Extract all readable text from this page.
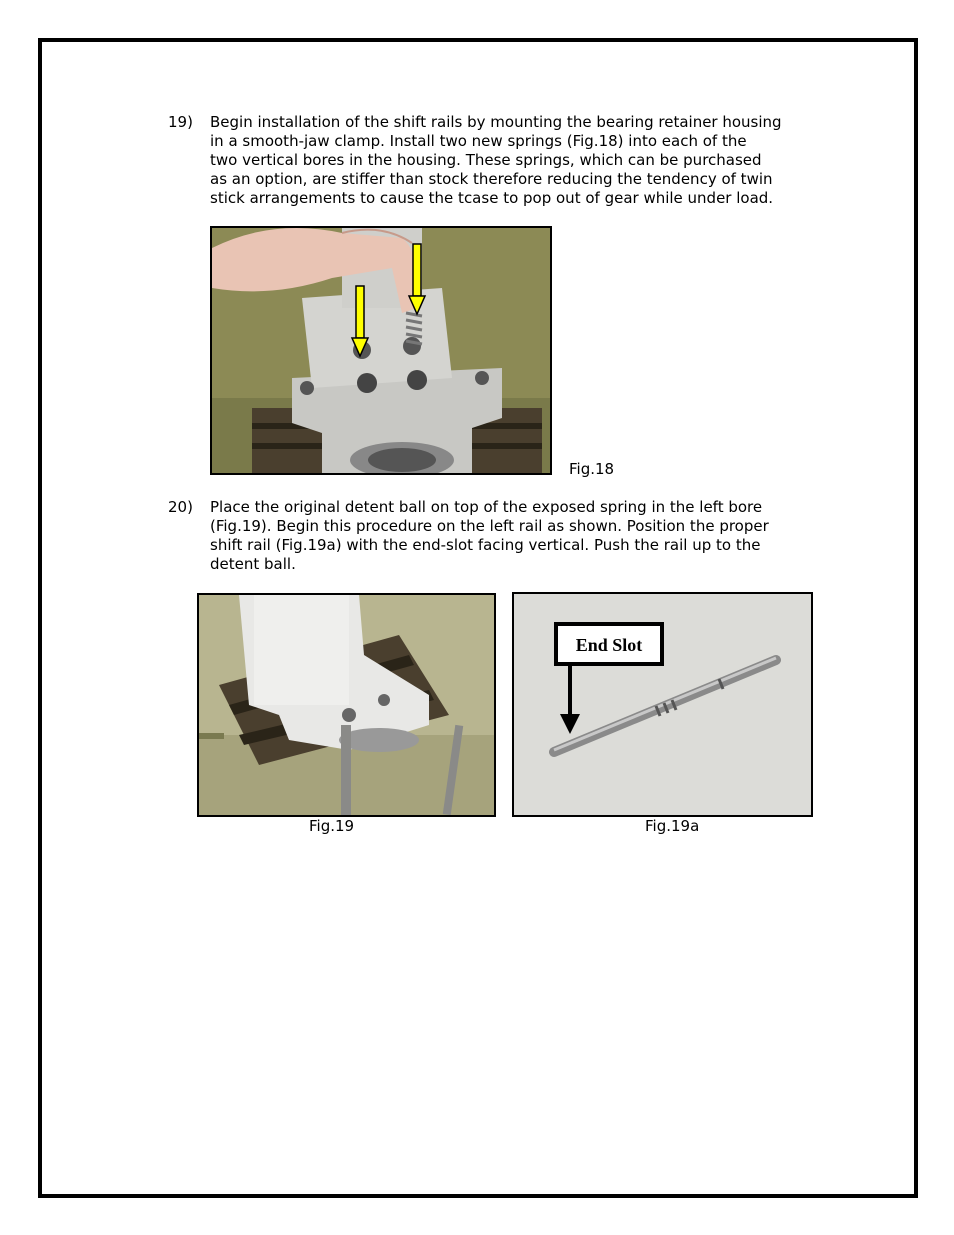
19) Begin installation of the shift rails by mounting the bearing retainer housing
in a smooth-jaw clamp. Install two new springs (Fig.18) into each of the
two vertical bores in the housing. These springs, which can be purchased
as an option, are stiffer than stock therefore reducing the tendency of twin
stick arrangements to cause the tcase to pop out of gear while under load.
Fig.18
20) Place the original detent ball on top of the exposed spring in the left bore
(Fig.19). Begin this procedure on the left rail as shown. Position the proper
shift rail (Fig.19a) with the end-slot facing vertical. Push the rail up to the
detent ball.
Fig.19
End Slot
Fig.19a
